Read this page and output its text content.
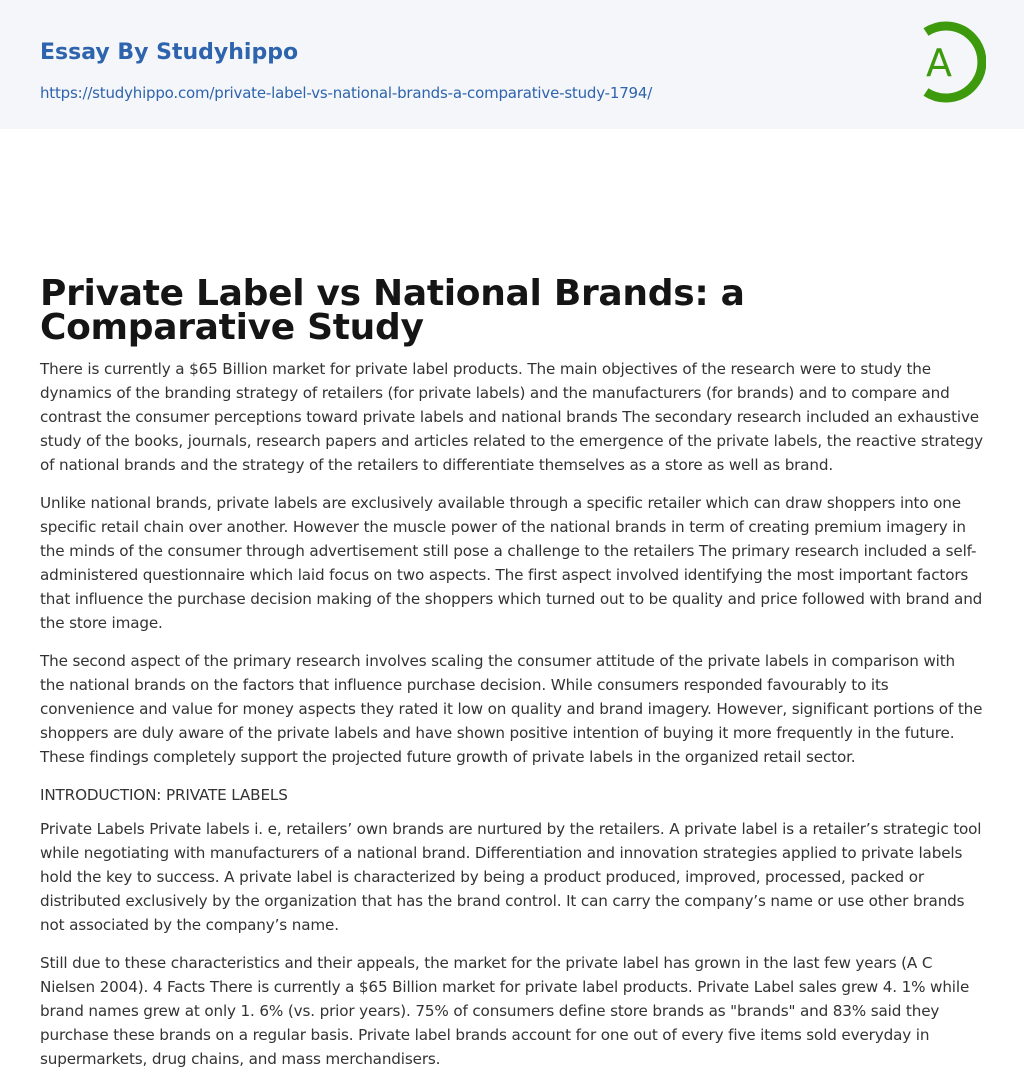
Essay By Studyhippo
https://studyhippo.com/private-label-vs-national-brands-a-comparative-study-1794/
A
Private Label vs National Brands: a Comparative Study

There is currently a $65 Billion market for private label products. The main objectives of the research were to study the dynamics of the branding strategy of retailers (for private labels) and the manufacturers (for brands) and to compare and contrast the consumer perceptions toward private labels and national brands The secondary research included an exhaustive study of the books, journals, research papers and articles related to the emergence of the private labels, the reactive strategy of national brands and the strategy of the retailers to differentiate themselves as a store as well as brand.

Unlike national brands, private labels are exclusively available through a specific retailer which can draw shoppers into one specific retail chain over another. However the muscle power of the national brands in term of creating premium imagery in the minds of the consumer through advertisement still pose a challenge to the retailers The primary research included a self-administered questionnaire which laid focus on two aspects. The first aspect involved identifying the most important factors that influence the purchase decision making of the shoppers which turned out to be quality and price followed with brand and the store image.

The second aspect of the primary research involves scaling the consumer attitude of the private labels in comparison with the national brands on the factors that influence purchase decision. While consumers responded favourably to its convenience and value for money aspects they rated it low on quality and brand imagery. However, significant portions of the shoppers are duly aware of the private labels and have shown positive intention of buying it more frequently in the future. These findings completely support the projected future growth of private labels in the organized retail sector.

INTRODUCTION: PRIVATE LABELS

Private Labels Private labels i. e, retailers’ own brands are nurtured by the retailers. A private label is a retailer’s strategic tool while negotiating with manufacturers of a national brand. Differentiation and innovation strategies applied to private labels hold the key to success. A private label is characterized by being a product produced, improved, processed, packed or distributed exclusively by the organization that has the brand control. It can carry the company’s name or use other brands not associated by the company’s name.

Still due to these characteristics and their appeals, the market for the private label has grown in the last few years (A C Nielsen 2004). 4 Facts There is currently a $65 Billion market for private label products. Private Label sales grew 4. 1% while brand names grew at only 1. 6% (vs. prior years). 75% of consumers define store brands as "brands" and 83% said they purchase these brands on a regular basis. Private label brands account for one out of every five items sold everyday in supermarkets, drug chains, and mass merchandisers.
